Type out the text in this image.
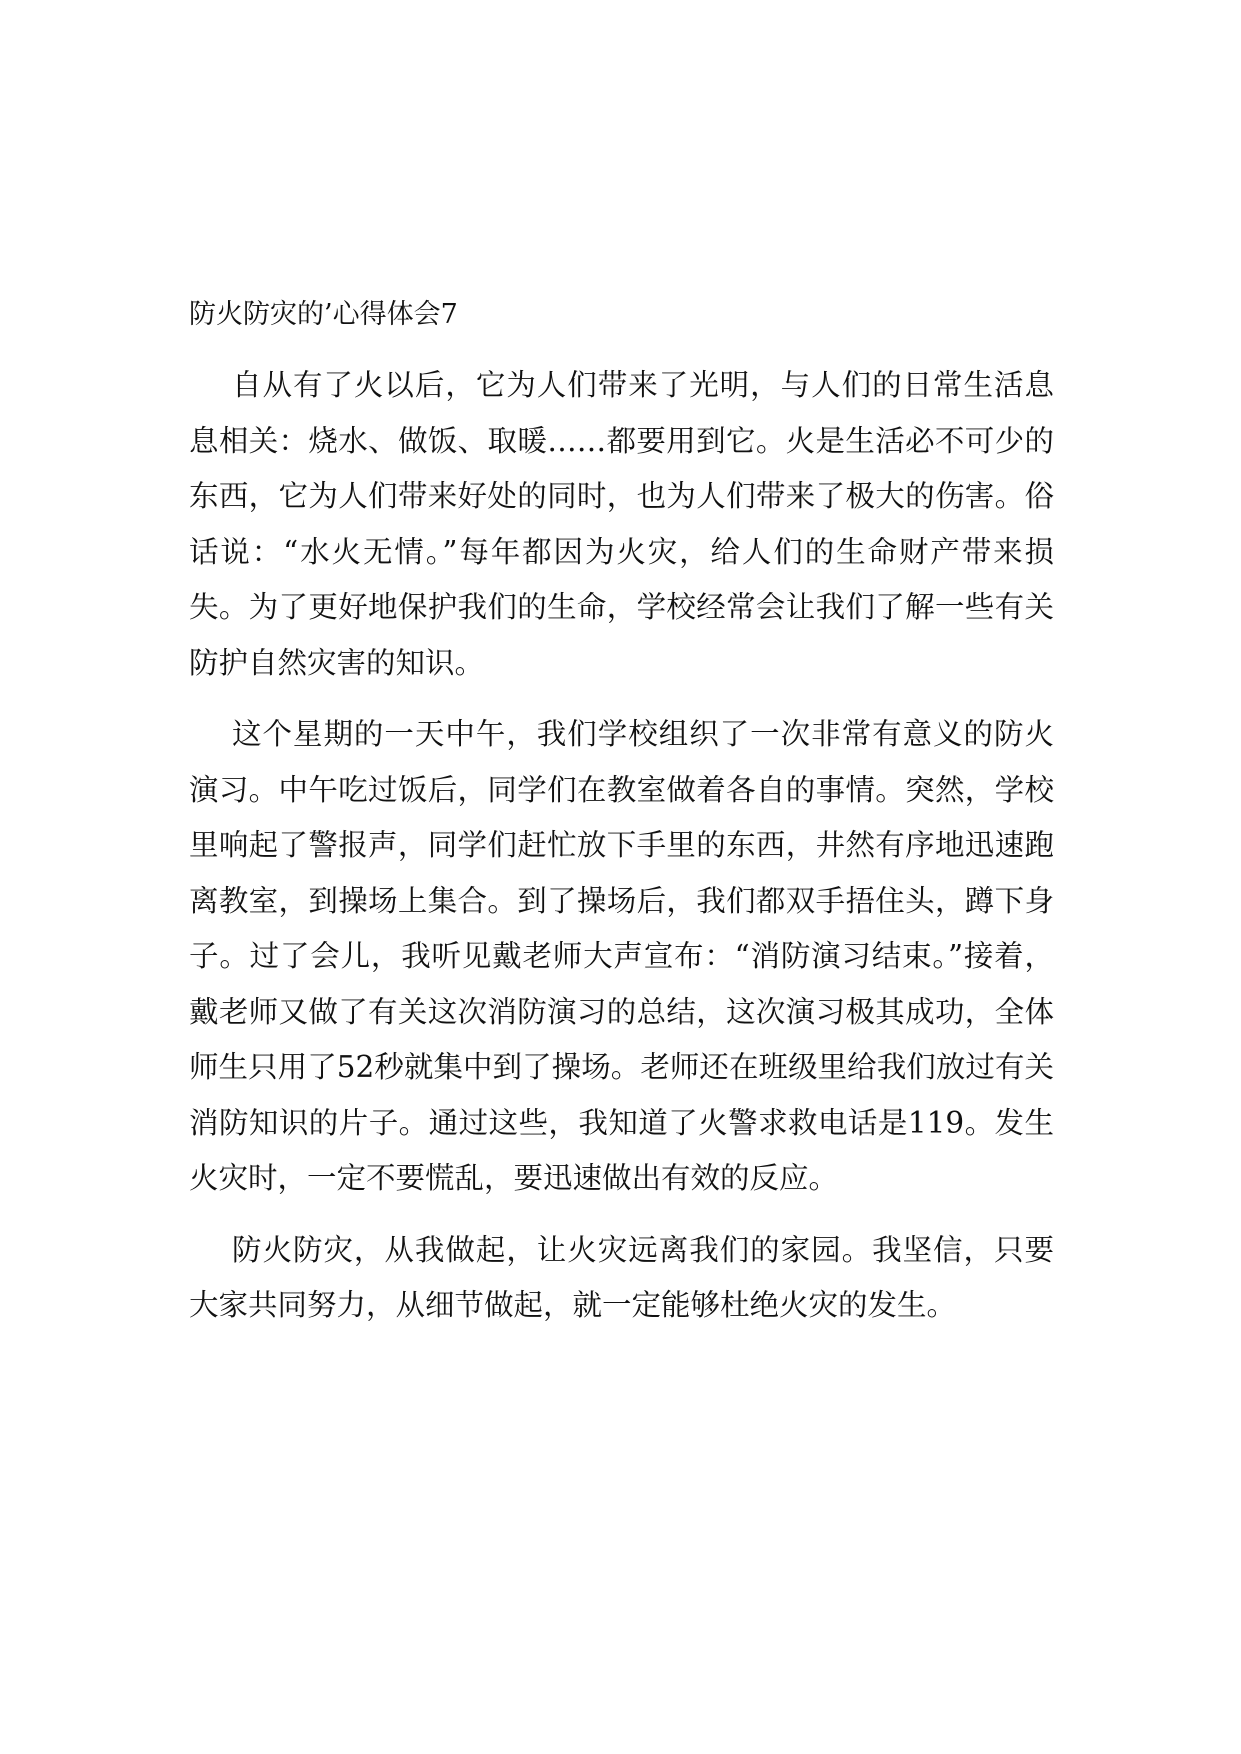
防火防灾的’心得体会7

自从有了火以后，它为人们带来了光明，与人们的日常生活息息相关：烧水、做饭、取暖……都要用到它。火是生活必不可少的东西，它为人们带来好处的同时，也为人们带来了极大的伤害。俗话说：“水火无情。”每年都因为火灾，给人们的生命财产带来损失。为了更好地保护我们的生命，学校经常会让我们了解一些有关防护自然灾害的知识。

这个星期的一天中午，我们学校组织了一次非常有意义的防火演习。中午吃过饭后，同学们在教室做着各自的事情。突然，学校里响起了警报声，同学们赶忙放下手里的东西，井然有序地迅速跑离教室，到操场上集合。到了操场后，我们都双手捂住头，蹲下身子。过了会儿，我听见戴老师大声宣布：“消防演习结束。”接着，戴老师又做了有关这次消防演习的总结，这次演习极其成功，全体师生只用了52秒就集中到了操场。老师还在班级里给我们放过有关消防知识的片子。通过这些，我知道了火警求救电话是119。发生火灾时，一定不要慌乱，要迅速做出有效的反应。

防火防灾，从我做起，让火灾远离我们的家园。我坚信，只要大家共同努力，从细节做起，就一定能够杜绝火灾的发生。
